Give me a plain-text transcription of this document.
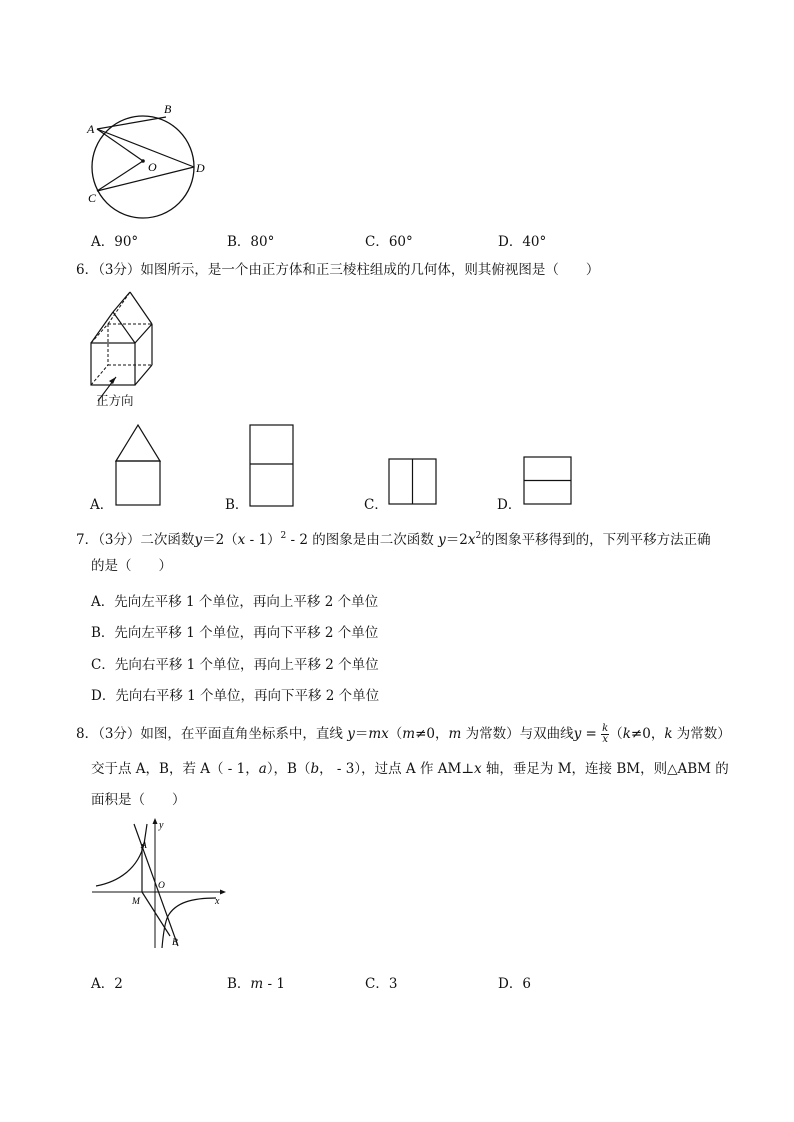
B
A
O	D
C
A．90°	B．80°	C．60°	D．40°
6．（3分）如图所示，是一个由正方体和正三棱柱组成的几何体，则其俯视图是（　　）
正方向
A．	B．	C．	D．
7．（3分）二次函数y＝2（x - 1）$^2$ - 2 的图象是由二次函数 $y=2x^2$的图象平移得到的，下列平移方法正确
的是（　　）
A．先向左平移 1 个单位，再向上平移 2 个单位
B．先向左平移 1 个单位，再向下平移 2 个单位
C．先向右平移 1 个单位，再向上平移 2 个单位
D．先向右平移 1 个单位，再向下平移 2 个单位
8．（3分）如图，在平面直角坐标系中，直线 y＝mx（m≠0，m 为常数）与双曲线$y = \frac{k}{x} (k\ne 0$，k 为常数）
交于点 A，B，若 A（ - 1，a），B（b， - 3），过点 A 作 AM⊥x 轴，垂足为 M，连接 BM，则△ABM 的
面积是（　　）
y
x
A
O
M
B
A．2	B．m - 1	C．3	D．6
